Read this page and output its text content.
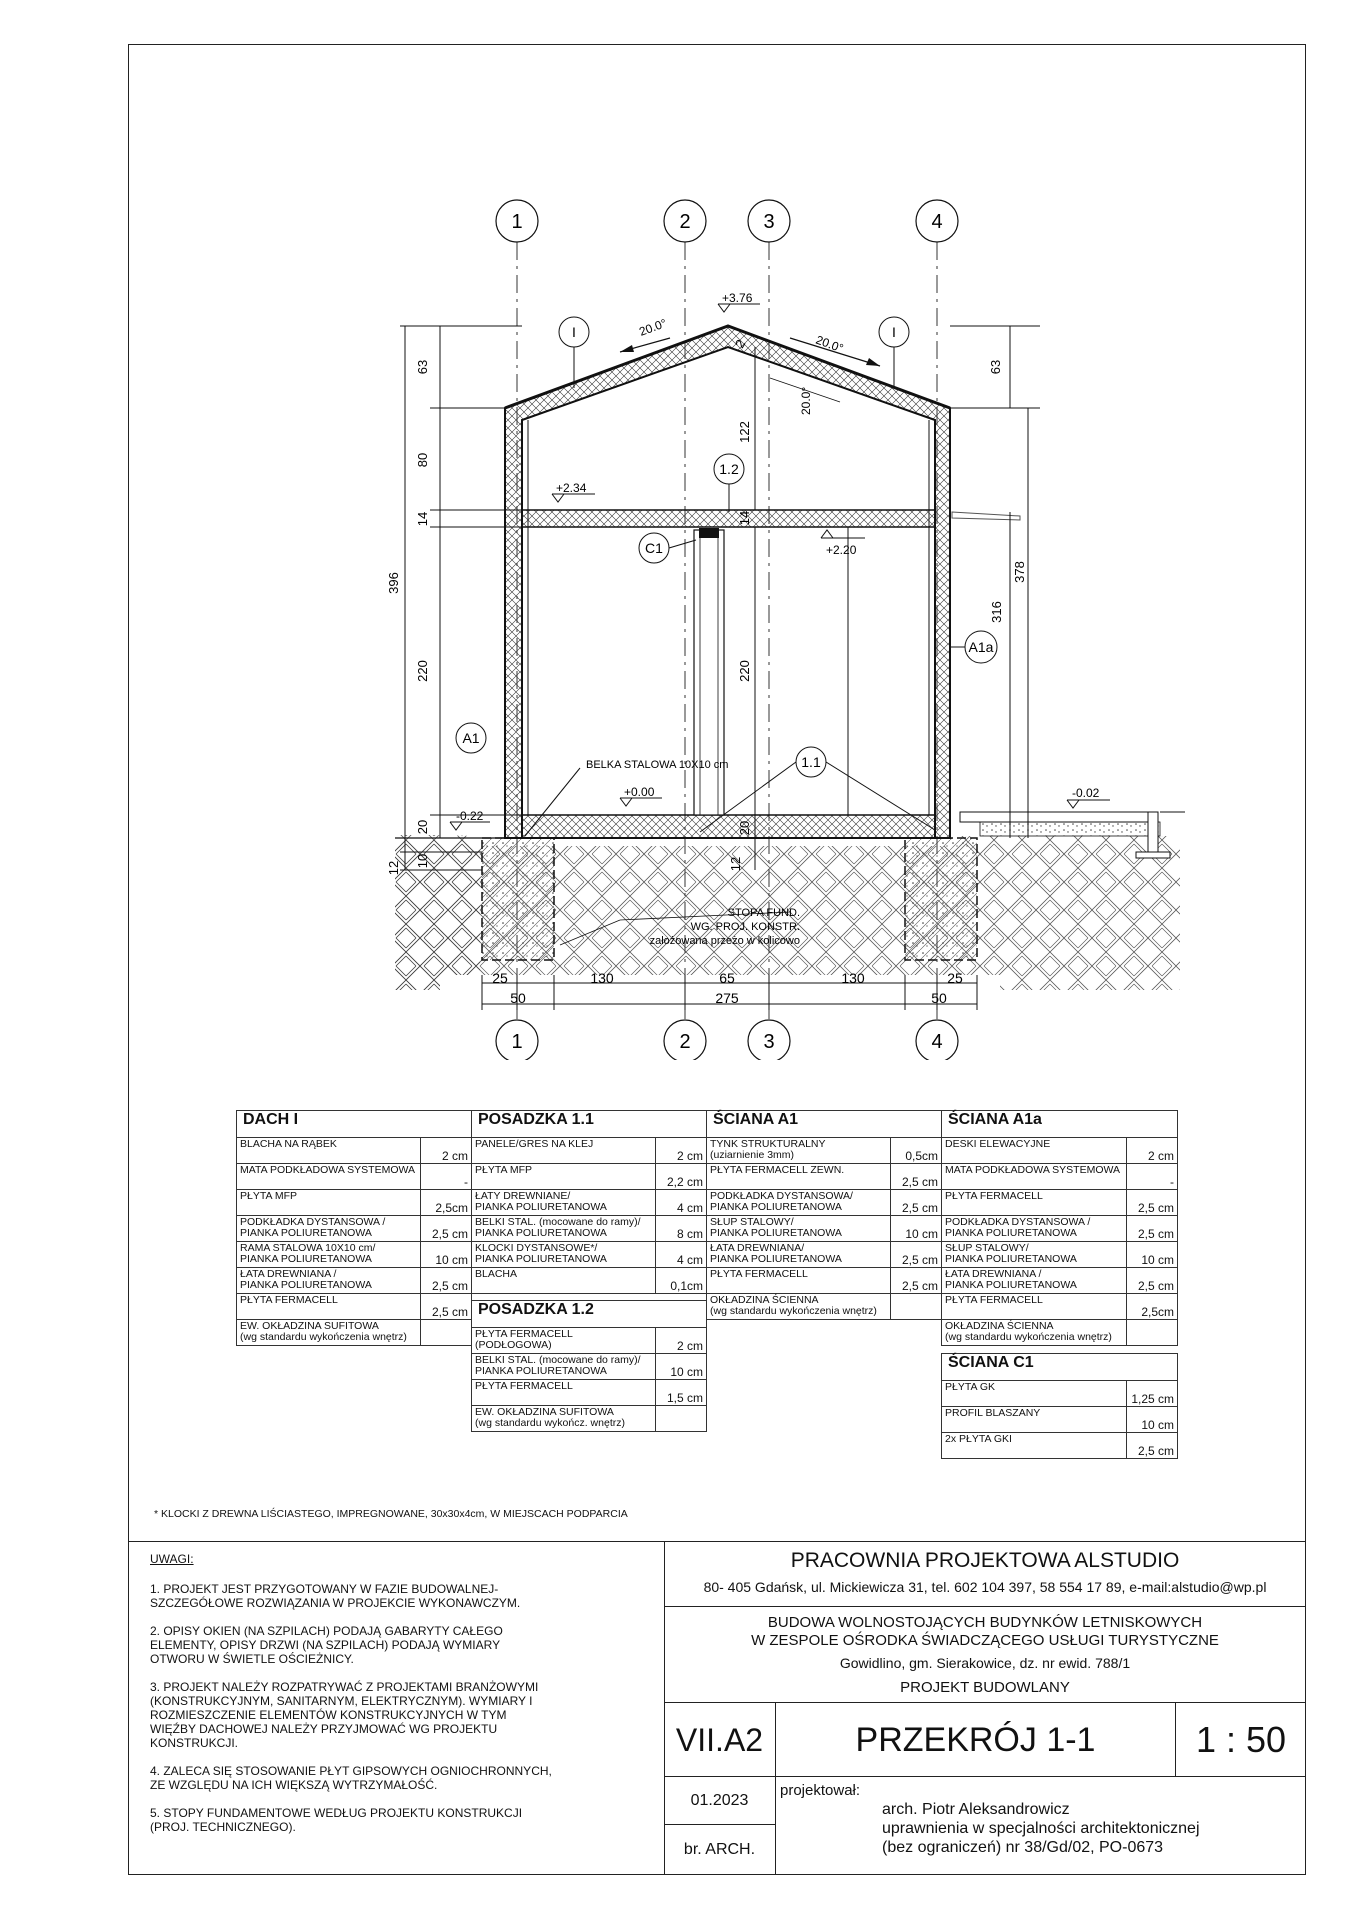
1	2	3	4
1	2	3	4
I	I
1.2
1.1
C1
A1
A1a
20.0°
20.0°
20.0°
+3.76
+2.34
+2.20
+0.00
-0.22
-0.02
BELKA STALOWA 10X10 cm
STOPA FUND.
WG. PROJ. KONSTR.
założowana przeżo w kolicowo
63
80
14
396
220
20
10
12
63
378
316
122
220
20
12
14
2
25	130	65	130	25
50	275	50
DACH I	
BLACHA NA RĄBEK	2 cm
MATA PODKŁADOWA SYSTEMOWA	-
PŁYTA MFP	2,5cm
PODKŁADKA DYSTANSOWA /
PIANKA POLIURETANOWA	2,5 cm
RAMA STALOWA 10X10 cm/
PIANKA POLIURETANOWA	10 cm
ŁATA DREWNIANA /
PIANKA POLIURETANOWA	2,5 cm
PŁYTA FERMACELL	2,5 cm
EW. OKŁADZINA SUFITOWA
(wg standardu wykończenia wnętrz)	
POSADZKA 1.1	
PANELE/GRES NA KLEJ	2 cm
PŁYTA MFP	2,2 cm
ŁATY DREWNIANE/
PIANKA POLIURETANOWA	4 cm
BELKI STAL. (mocowane do ramy)/
PIANKA POLIURETANOWA	8 cm
KLOCKI DYSTANSOWE*/
PIANKA POLIURETANOWA	4 cm
BLACHA	0,1cm
POSADZKA 1.2	
PŁYTA FERMACELL
(PODŁOGOWA)	2 cm
BELKI STAL. (mocowane do ramy)/
PIANKA POLIURETANOWA	10 cm
PŁYTA FERMACELL	1,5 cm
EW. OKŁADZINA SUFITOWA
(wg standardu wykończ. wnętrz)	
ŚCIANA A1	
TYNK STRUKTURALNY
(uziarnienie 3mm)	0,5cm
PŁYTA FERMACELL ZEWN.	2,5 cm
PODKŁADKA DYSTANSOWA/
PIANKA POLIURETANOWA	2,5 cm
SŁUP STALOWY/
PIANKA POLIURETANOWA	10 cm
ŁATA DREWNIANA/
PIANKA POLIURETANOWA	2,5 cm
PŁYTA FERMACELL	2,5 cm
OKŁADZINA ŚCIENNA
(wg standardu wykończenia wnętrz)	
ŚCIANA A1a	
DESKI ELEWACYJNE	2 cm
MATA PODKŁADOWA SYSTEMOWA	-
PŁYTA FERMACELL	2,5 cm
PODKŁADKA DYSTANSOWA /
PIANKA POLIURETANOWA	2,5 cm
SŁUP STALOWY/
PIANKA POLIURETANOWA	10 cm
ŁATA DREWNIANA /
PIANKA POLIURETANOWA	2,5 cm
PŁYTA FERMACELL	2,5cm
OKŁADZINA ŚCIENNA
(wg standardu wykończenia wnętrz)	
ŚCIANA C1	
PŁYTA GK	1,25 cm
PROFIL BLASZANY	10 cm
2x PŁYTA GKI	2,5 cm
* KLOCKI Z DREWNA LIŚCIASTEGO, IMPREGNOWANE, 30x30x4cm, W MIEJSCACH PODPARCIA
UWAGI:
1. PROJEKT JEST PRZYGOTOWANY W FAZIE BUDOWALNEJ-
SZCZEGÓŁOWE ROZWIĄZANIA W PROJEKCIE WYKONAWCZYM.
2. OPISY OKIEN (NA SZPILACH) PODAJĄ GABARYTY CAŁEGO
ELEMENTY, OPISY DRZWI (NA SZPILACH) PODAJĄ WYMIARY
OTWORU W ŚWIETLE OŚCIEŻNICY.
3. PROJEKT NALEŻY ROZPATRYWAĆ Z PROJEKTAMI BRANŻOWYMI
(KONSTRUKCYJNYM, SANITARNYM, ELEKTRYCZNYM). WYMIARY I
ROZMIESZCZENIE ELEMENTÓW KONSTRUKCYJNYCH W TYM
WIĘŹBY DACHOWEJ NALEŻY PRZYJMOWAĆ WG PROJEKTU
KONSTRUKCJI.
4. ZALECA SIĘ STOSOWANIE PŁYT GIPSOWYCH OGNIOCHRONNYCH,
ZE WZGLĘDU NA ICH WIĘKSZĄ WYTRZYMAŁOŚĆ.
5. STOPY FUNDAMENTOWE WEDŁUG PROJEKTU KONSTRUKCJI
(PROJ. TECHNICZNEGO).
PRACOWNIA PROJEKTOWA ALSTUDIO
80- 405 Gdańsk, ul. Mickiewicza 31, tel. 602 104 397, 58 554 17 89, e-mail:alstudio@wp.pl
BUDOWA WOLNOSTOJĄCYCH BUDYNKÓW LETNISKOWYCH
W ZESPOLE OŚRODKA ŚWIADCZĄCEGO USŁUGI TURYSTYCZNE
Gowidlino, gm. Sierakowice, dz. nr ewid. 788/1
PROJEKT BUDOWLANY
VII.A2	PRZEKRÓJ 1-1	1 : 50
01.2023
br. ARCH.
projektował:
arch. Piotr Aleksandrowicz
uprawnienia w specjalności architektonicznej
(bez ograniczeń) nr 38/Gd/02, PO-0673
